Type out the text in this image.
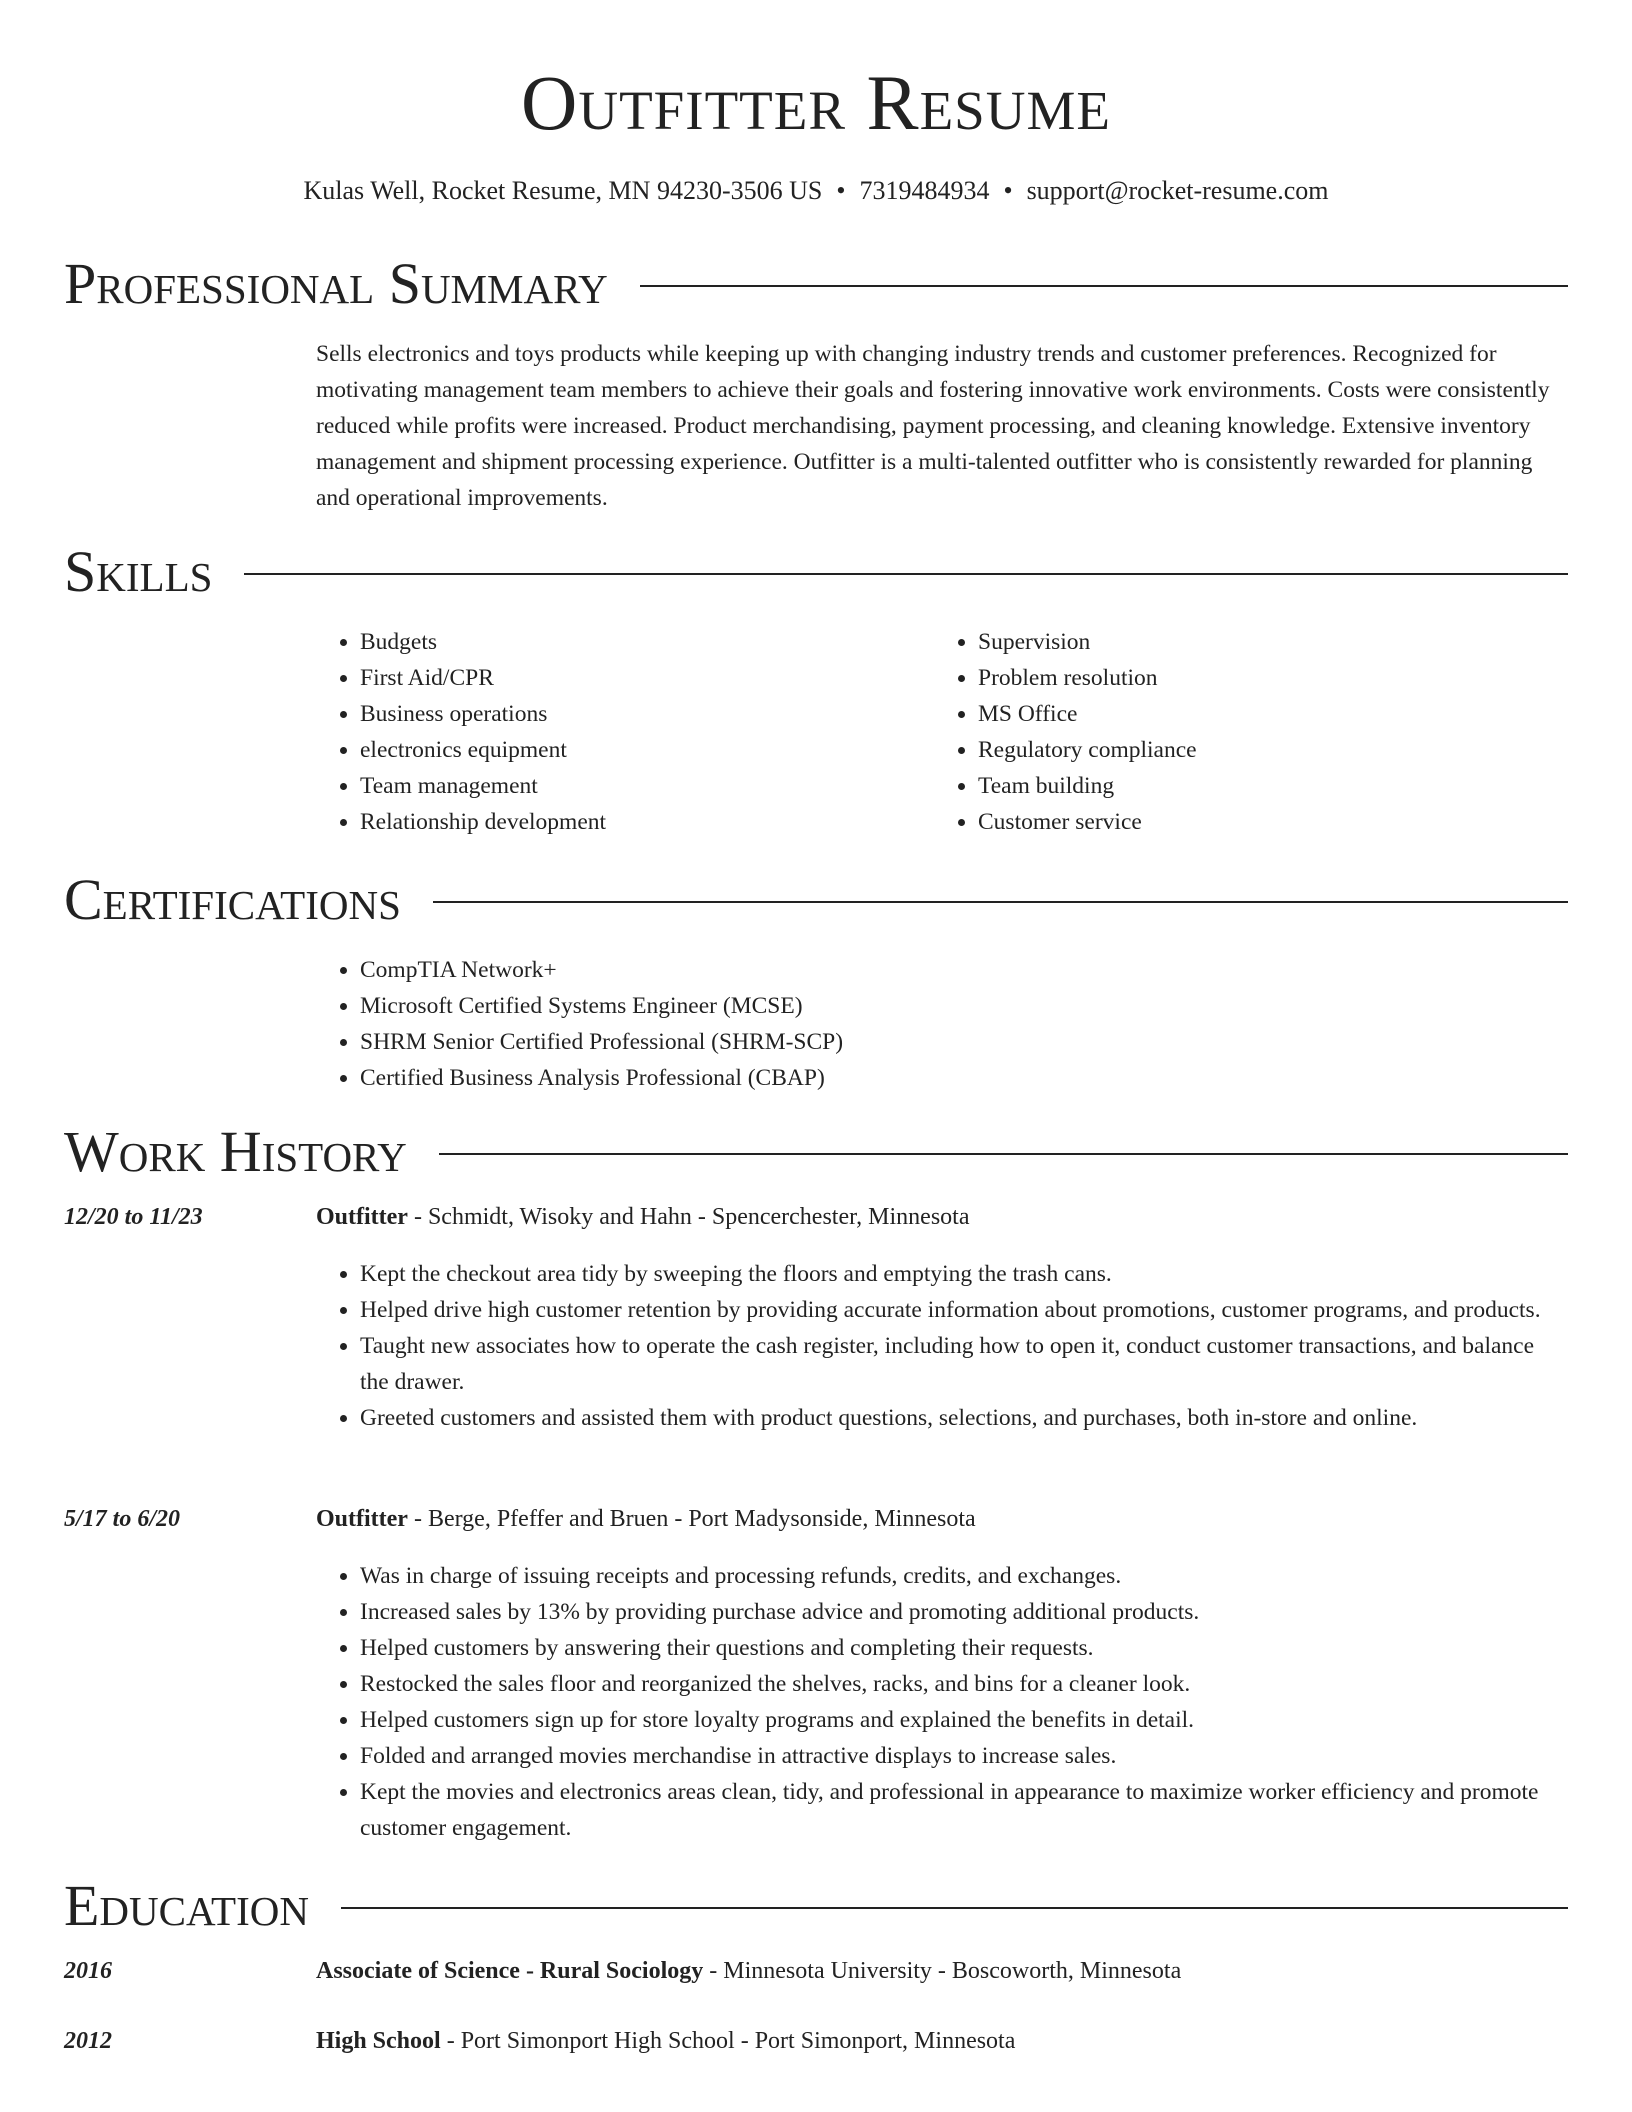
Outfitter Resume
Kulas Well, Rocket Resume, MN 94230-3506 US • 7319484934 • support@rocket-resume.com
Professional Summary
Sells electronics and toys products while keeping up with changing industry trends and customer preferences. Recognized for motivating management team members to achieve their goals and fostering innovative work environments. Costs were consistently reduced while profits were increased. Product merchandising, payment processing, and cleaning knowledge. Extensive inventory management and shipment processing experience. Outfitter is a multi-talented outfitter who is consistently rewarded for planning and operational improvements.
Skills
• Budgets
• First Aid/CPR
• Business operations
• electronics equipment
• Team management
• Relationship development
• Supervision
• Problem resolution
• MS Office
• Regulatory compliance
• Team building
• Customer service
Certifications
• CompTIA Network+
• Microsoft Certified Systems Engineer (MCSE)
• SHRM Senior Certified Professional (SHRM-SCP)
• Certified Business Analysis Professional (CBAP)
Work History
12/20 to 11/23	Outfitter - Schmidt, Wisoky and Hahn - Spencerchester, Minnesota
• Kept the checkout area tidy by sweeping the floors and emptying the trash cans.
• Helped drive high customer retention by providing accurate information about promotions, customer programs, and products.
• Taught new associates how to operate the cash register, including how to open it, conduct customer transactions, and balance the drawer.
• Greeted customers and assisted them with product questions, selections, and purchases, both in-store and online.
5/17 to 6/20	Outfitter - Berge, Pfeffer and Bruen - Port Madysonside, Minnesota
• Was in charge of issuing receipts and processing refunds, credits, and exchanges.
• Increased sales by 13% by providing purchase advice and promoting additional products.
• Helped customers by answering their questions and completing their requests.
• Restocked the sales floor and reorganized the shelves, racks, and bins for a cleaner look.
• Helped customers sign up for store loyalty programs and explained the benefits in detail.
• Folded and arranged movies merchandise in attractive displays to increase sales.
• Kept the movies and electronics areas clean, tidy, and professional in appearance to maximize worker efficiency and promote customer engagement.
Education
2016	Associate of Science - Rural Sociology - Minnesota University - Boscoworth, Minnesota
2012	High School - Port Simonport High School - Port Simonport, Minnesota
